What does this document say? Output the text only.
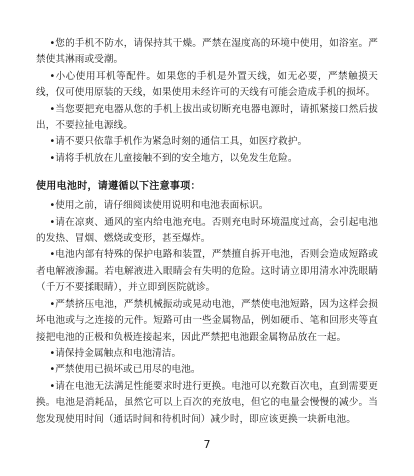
•您的手机不防水，请保持其干燥。严禁在湿度高的环境中使用，如浴室。严禁使其淋雨或受潮。

•小心使用耳机等配件。如果您的手机是外置天线，如无必要，严禁触摸天线，仅可使用原装的天线，如果使用未经许可的天线有可能会造成手机的损坏。

•当您要把充电器从您的手机上拔出或切断充电器电源时，请抓紧接口然后拔出，不要拉扯电源线。

•请不要只依靠手机作为紧急时刻的通信工具，如医疗救护。

•请将手机放在儿童接触不到的安全地方，以免发生危险。

使用电池时，请遵循以下注意事项：

•使用之前，请仔细阅读使用说明和电池表面标识。

•请在凉爽、通风的室内给电池充电。否则充电时环境温度过高，会引起电池的发热、冒烟、燃烧或变形，甚至爆炸。

•电池内部有特殊的保护电路和装置，严禁擅自拆开电池，否则会造成短路或者电解液渗漏。若电解液进入眼睛会有失明的危险。这时请立即用清水冲洗眼睛（千万不要揉眼睛），并立即到医院就诊。

•严禁挤压电池，严禁机械振动或晃动电池，严禁使电池短路，因为这样会损坏电池或与之连接的元件。短路可由一些金属物品，例如硬币、笔和回形夹等直接把电池的正极和负极连接起来，因此严禁把电池跟金属物品放在一起。

•请保持金属触点和电池清洁。

•严禁使用已损坏或已用尽的电池。

•请在电池无法满足性能要求时进行更换。电池可以充数百次电，直到需要更换。电池是消耗品，虽然它可以上百次的充放电，但它的电量会慢慢的减少。当您发现使用时间（通话时间和待机时间）减少时，即应该更换一块新电池。

7
